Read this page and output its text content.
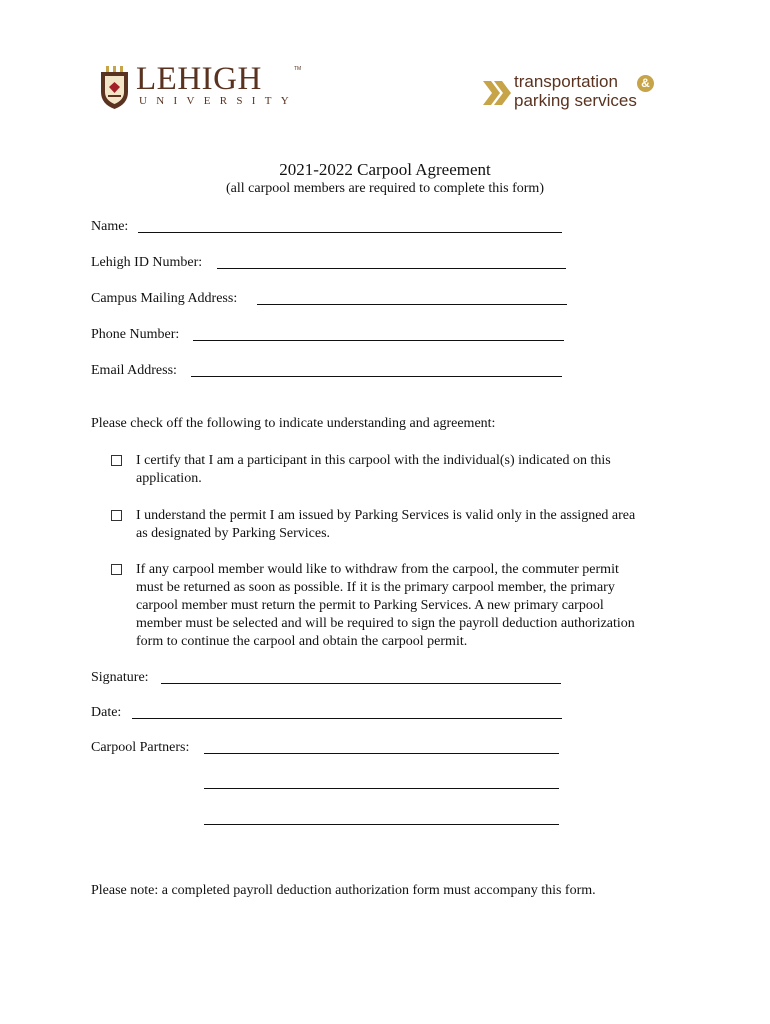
LEHIGH	TM
UNIVERSITY
transportation	&
parking services
2021-2022 Carpool Agreement
(all carpool members are required to complete this form)
Name:
Lehigh ID Number:
Campus Mailing Address:
Phone Number:
Email Address:
Please check off the following to indicate understanding and agreement:
I certify that I am a participant in this carpool with the individual(s) indicated on this
application.
I understand the permit I am issued by Parking Services is valid only in the assigned area
as designated by Parking Services.
If any carpool member would like to withdraw from the carpool, the commuter permit
must be returned as soon as possible. If it is the primary carpool member, the primary
carpool member must return the permit to Parking Services. A new primary carpool
member must be selected and will be required to sign the payroll deduction authorization
form to continue the carpool and obtain the carpool permit.
Signature:
Date:
Carpool Partners:
Please note: a completed payroll deduction authorization form must accompany this form.
